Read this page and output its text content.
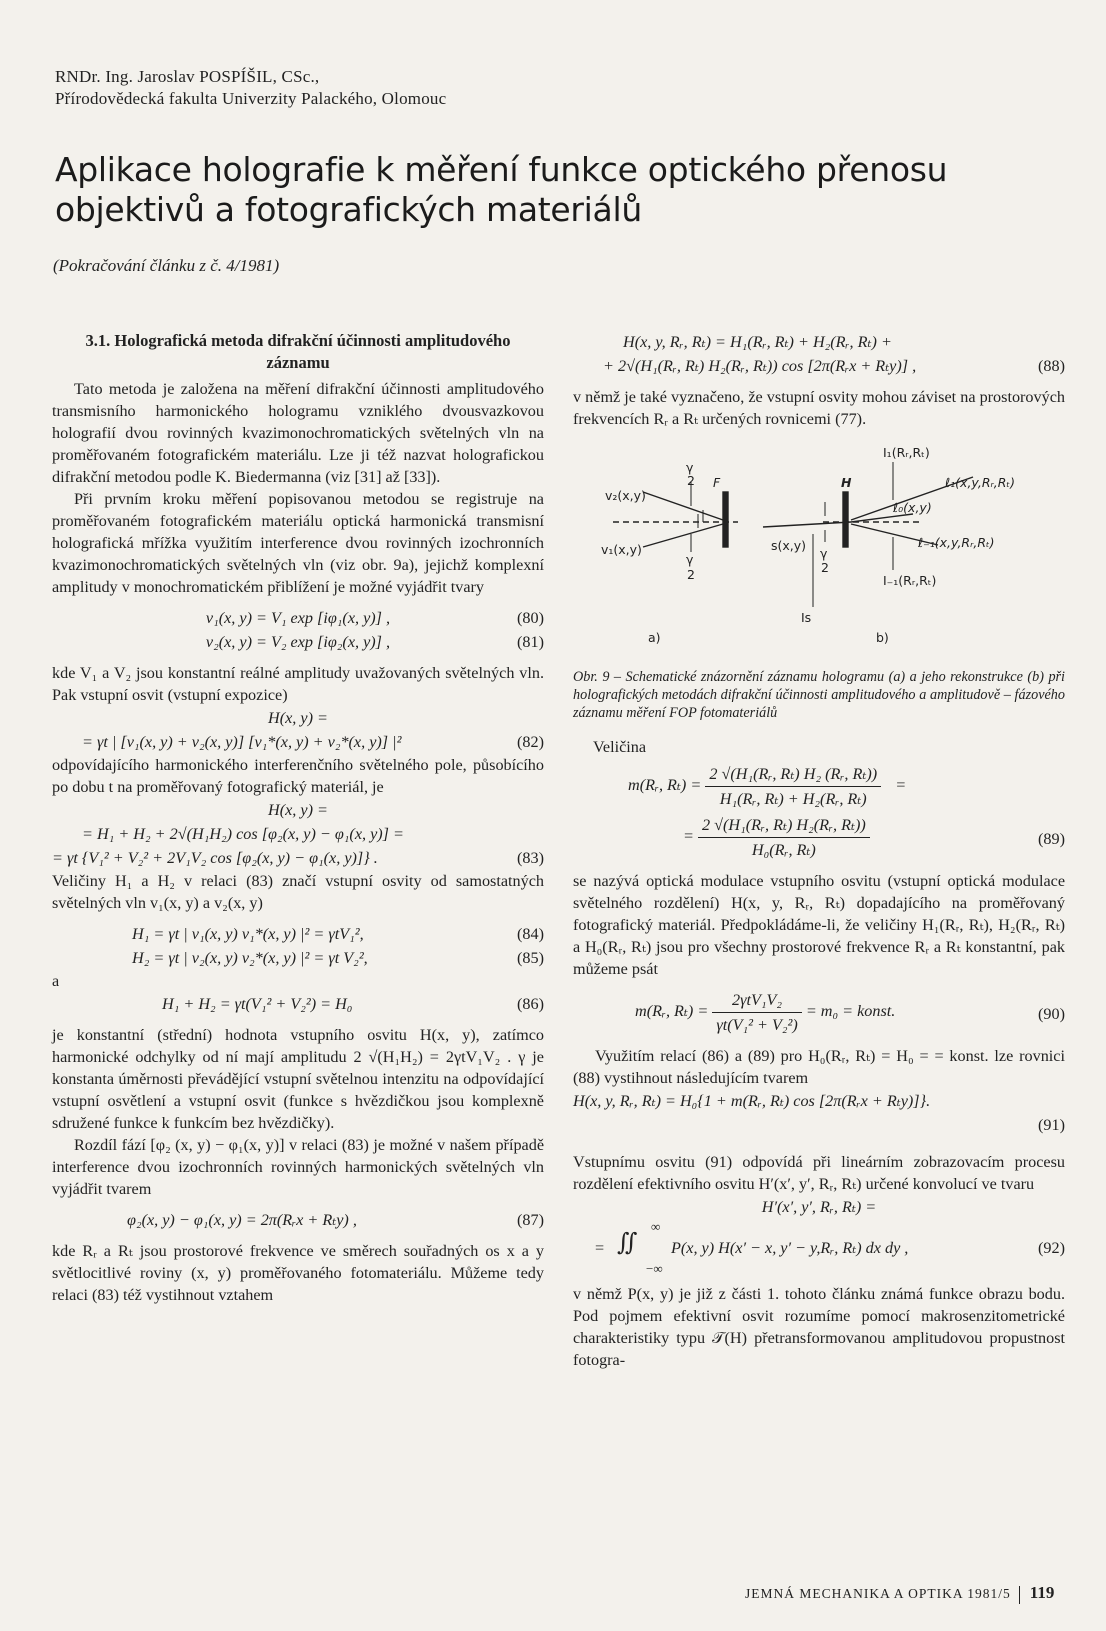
RNDr. Ing. Jaroslav POSPÍŠIL, CSc.,
Přírodovědecká fakulta Univerzity Palackého, Olomouc
Aplikace holografie k měření funkce optického přenosu objektivů a fotografických materiálů
(Pokračování článku z č. 4/1981)
3.1. Holografická metoda difrakční účinnosti amplitudového záznamu

Tato metoda je založena na měření difrakční účinnosti amplitudového transmisního harmonického hologramu vzniklého dvousvazkovou holografií dvou rovinných kvazimonochromatických světelných vln na proměřovaném fotografickém materiálu. Lze ji též nazvat holografickou difrakční metodou podle K. Biedermanna (viz [31] až [33]).

Při prvním kroku měření popisovanou metodou se registruje na proměřovaném fotografickém materiálu optická harmonická transmisní holografická mřížka využitím interference dvou rovinných izochronních kvazimonochromatických světelných vln (viz obr. 9a), jejichž komplexní amplitudy v monochromatickém přiblížení je možné vyjádřit tvary

v₁(x, y) = V₁ exp [iφ₁(x, y)] ,	(80)
v₂(x, y) = V₂ exp [iφ₂(x, y)] ,	(81)

kde V₁ a V₂ jsou konstantní reálné amplitudy uvažovaných světelných vln. Pak vstupní osvit (vstupní expozice)

H(x, y) =
= γt | [v₁(x, y) + v₂(x, y)] [v₁*(x, y) + v₂*(x, y)] |²	(82)

odpovídajícího harmonického interferenčního světelného pole, působícího po dobu t na proměřovaný fotografický materiál, je

H(x, y) =
= H₁ + H₂ + 2√(H₁H₂) cos [φ₂(x, y) − φ₁(x, y)] =
= γt {V₁² + V₂² + 2V₁V₂ cos [φ₂(x, y) − φ₁(x, y)]} .	(83)

Veličiny H₁ a H₂ v relaci (83) značí vstupní osvity od samostatných světelných vln v₁(x, y) a v₂(x, y)

H₁ = γt | v₁(x, y) v₁*(x, y) |² = γtV₁²,	(84)
H₂ = γt | v₂(x, y) v₂*(x, y) |² = γt V₂²,	(85)
a
H₁ + H₂ = γt(V₁² + V₂²) = H₀	(86)

je konstantní (střední) hodnota vstupního osvitu H(x, y), zatímco harmonické odchylky od ní mají amplitudu 2 √(H₁H₂) = 2γtV₁V₂ . γ je konstanta úměrnosti převádějící vstupní světelnou intenzitu na odpovídající vstupní osvětlení a vstupní osvit (funkce s hvězdičkou jsou komplexně sdružené funkce k funkcím bez hvězdičky).

Rozdíl fází [φ₂ (x, y) − φ₁(x, y)] v relaci (83) je možné v našem případě interference dvou izochronních rovinných harmonických světelných vln vyjádřit tvarem

φ₂(x, y) − φ₁(x, y) = 2π(Rᵣx + Rₜy) ,	(87)

kde Rᵣ a Rₜ jsou prostorové frekvence ve směrech souřadných os x a y světlocitlivé roviny (x, y) proměřovaného fotomateriálu. Můžeme tedy relaci (83) též vystihnout vztahem

H(x, y, Rᵣ, Rₜ) = H₁(Rᵣ, Rₜ) + H₂(Rᵣ, Rₜ) +
+ 2√(H₁(Rᵣ, Rₜ) H₂(Rᵣ, Rₜ)) cos [2π(Rᵣx + Rₜy)] ,	(88)

v němž je také vyznačeno, že vstupní osvity mohou záviset na prostorových frekvencích Rᵣ a Rₜ určených rovnicemi (77).

v₂(x,y)
v₁(x,y)
γ
2
γ
2
F	H
s(x,y)
γ
2
Is
I₁(Rᵣ,Rₜ)
I₋₁(Rᵣ,Rₜ)
ℓ₁(x,y,Rᵣ,Rₜ)
ℓ₀(x,y)
ℓ₋₁(x,y,Rᵣ,Rₜ)
a)	b)

Obr. 9 – Schematické znázornění záznamu hologramu (a) a jeho rekonstrukce (b) při holografických metodách difrakční účinnosti amplitudového a amplitudově – fázového záznamu měření FOP fotomateriálů

Veličina

m(Rᵣ, $R_t) = \frac{\text{2 √(H₁(Rᵣ, Rₜ) H₂ (Rᵣ, Rₜ))}}{\text{H₁(Rᵣ, Rₜ) + H₂(Rᵣ, Rₜ)}}$ =
= $\frac{\text{2 √(H₁(Rᵣ, Rₜ) H₂(Rᵣ, Rₜ))}}{\text{H₀(Rᵣ, Rₜ)}}$	(89)

se nazývá optická modulace vstupního osvitu (vstupní optická modulace světelného rozdělení) H(x, y, Rᵣ, Rₜ) dopadajícího na proměřovaný fotografický materiál. Předpokládáme-li, že veličiny H₁(Rᵣ, Rₜ), H₂(Rᵣ, Rₜ) a H₀(Rᵣ, Rₜ) jsou pro všechny prostorové frekvence Rᵣ a Rₜ konstantní, pak můžeme psát

m(Rᵣ, $R_t) = \frac{\text{2γtV₁V₂}}{\text{γt(V₁² + V₂²)}} = m_0$ = konst.	(90)

Využitím relací (86) a (89) pro H₀(Rᵣ, Rₜ) = H₀ = = konst. lze rovnici (88) vystihnout následujícím tvarem

H(x, y, Rᵣ, Rₜ) = H₀{1 + m(Rᵣ, Rₜ) cos [2π(Rᵣx + Rₜy)]}.
(91)

Vstupnímu osvitu (91) odpovídá při lineárním zobrazovacím procesu rozdělení efektivního osvitu H′(x′, y′, Rᵣ, Rₜ) určené konvolucí ve tvaru

H′(x′, y′, Rᵣ, Rₜ) =
∞
= ∬
−∞
P(x, y) H(x′ − x, y′ − y,Rᵣ, Rₜ) dx dy ,	(92)

v němž P(x, y) je již z části 1. tohoto článku známá funkce obrazu bodu. Pod pojmem efektivní osvit rozumíme pomocí makrosenzitometrické charakteristiky typu 𝒯(H) přetransformovanou amplitudovou propustnost fotogra-

JEMNÁ MECHANIKA A OPTIKA 1981/5 119
